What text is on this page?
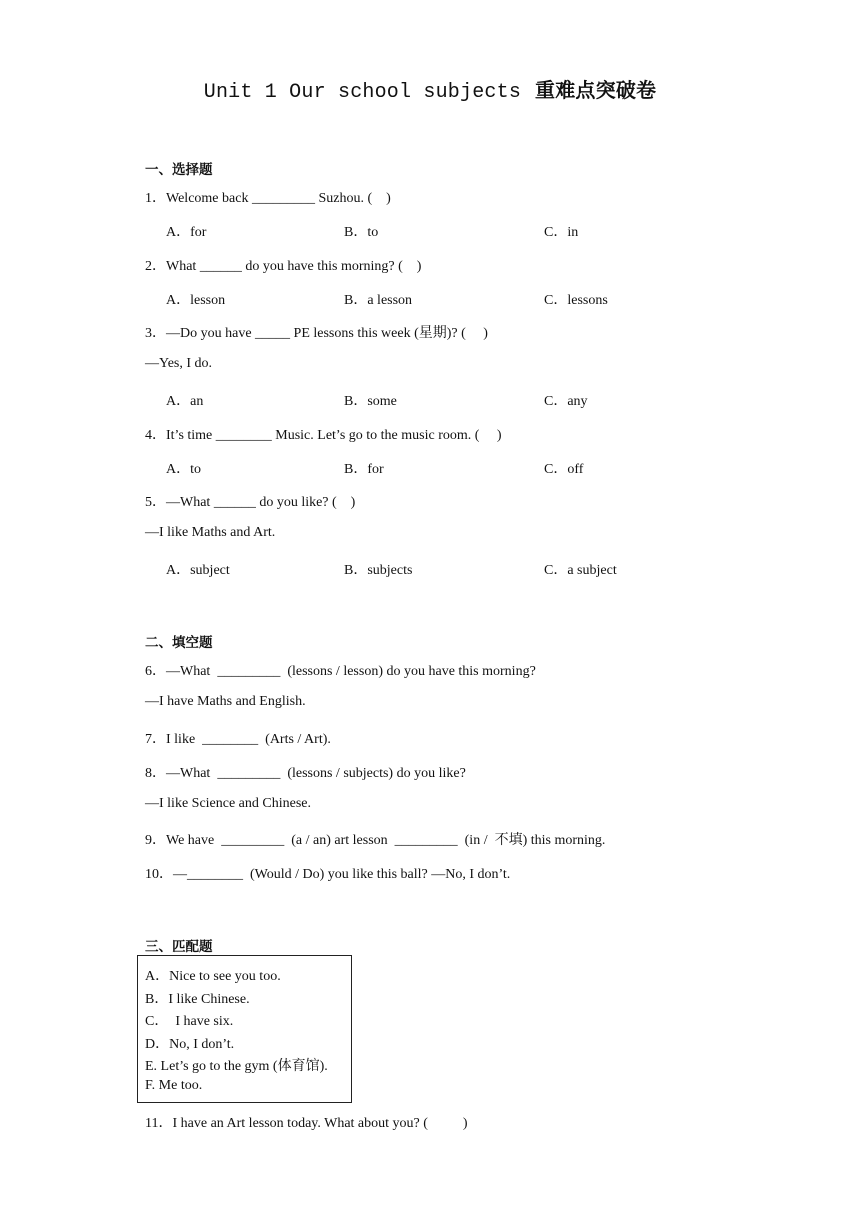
Unit 1 Our school subjects 重难点突破卷
一、选择题
1．Welcome back _________ Suzhou. (    )
A．for	B．to	C．in
2．What ______ do you have this morning? (    )
A．lesson	B．a lesson	C．lessons
3．—Do you have _____ PE lessons this week (星期)? (     )
—Yes, I do.
A．an	B．some	C．any
4．It’s time ________ Music. Let’s go to the music room. (     )
A．to	B．for	C．off
5．—What ______ do you like? (    )
—I like Maths and Art.
A．subject	B．subjects	C．a subject
二、填空题
6．—What  _________  (lessons / lesson) do you have this morning?
—I have Maths and English.
7．I like  ________  (Arts / Art).
8．—What  _________  (lessons / subjects) do you like?
—I like Science and Chinese.
9．We have  _________  (a / an) art lesson  _________  (in /  不填) this morning.
10．—________  (Would / Do) you like this ball? —No, I don’t.
三、匹配题
A．Nice to see you too.
B．I like Chinese.
C．  I have six.
D．No, I don’t.
E. Let’s go to the gym (体育馆).
F. Me too.
11．I have an Art lesson today. What about you? (          )
